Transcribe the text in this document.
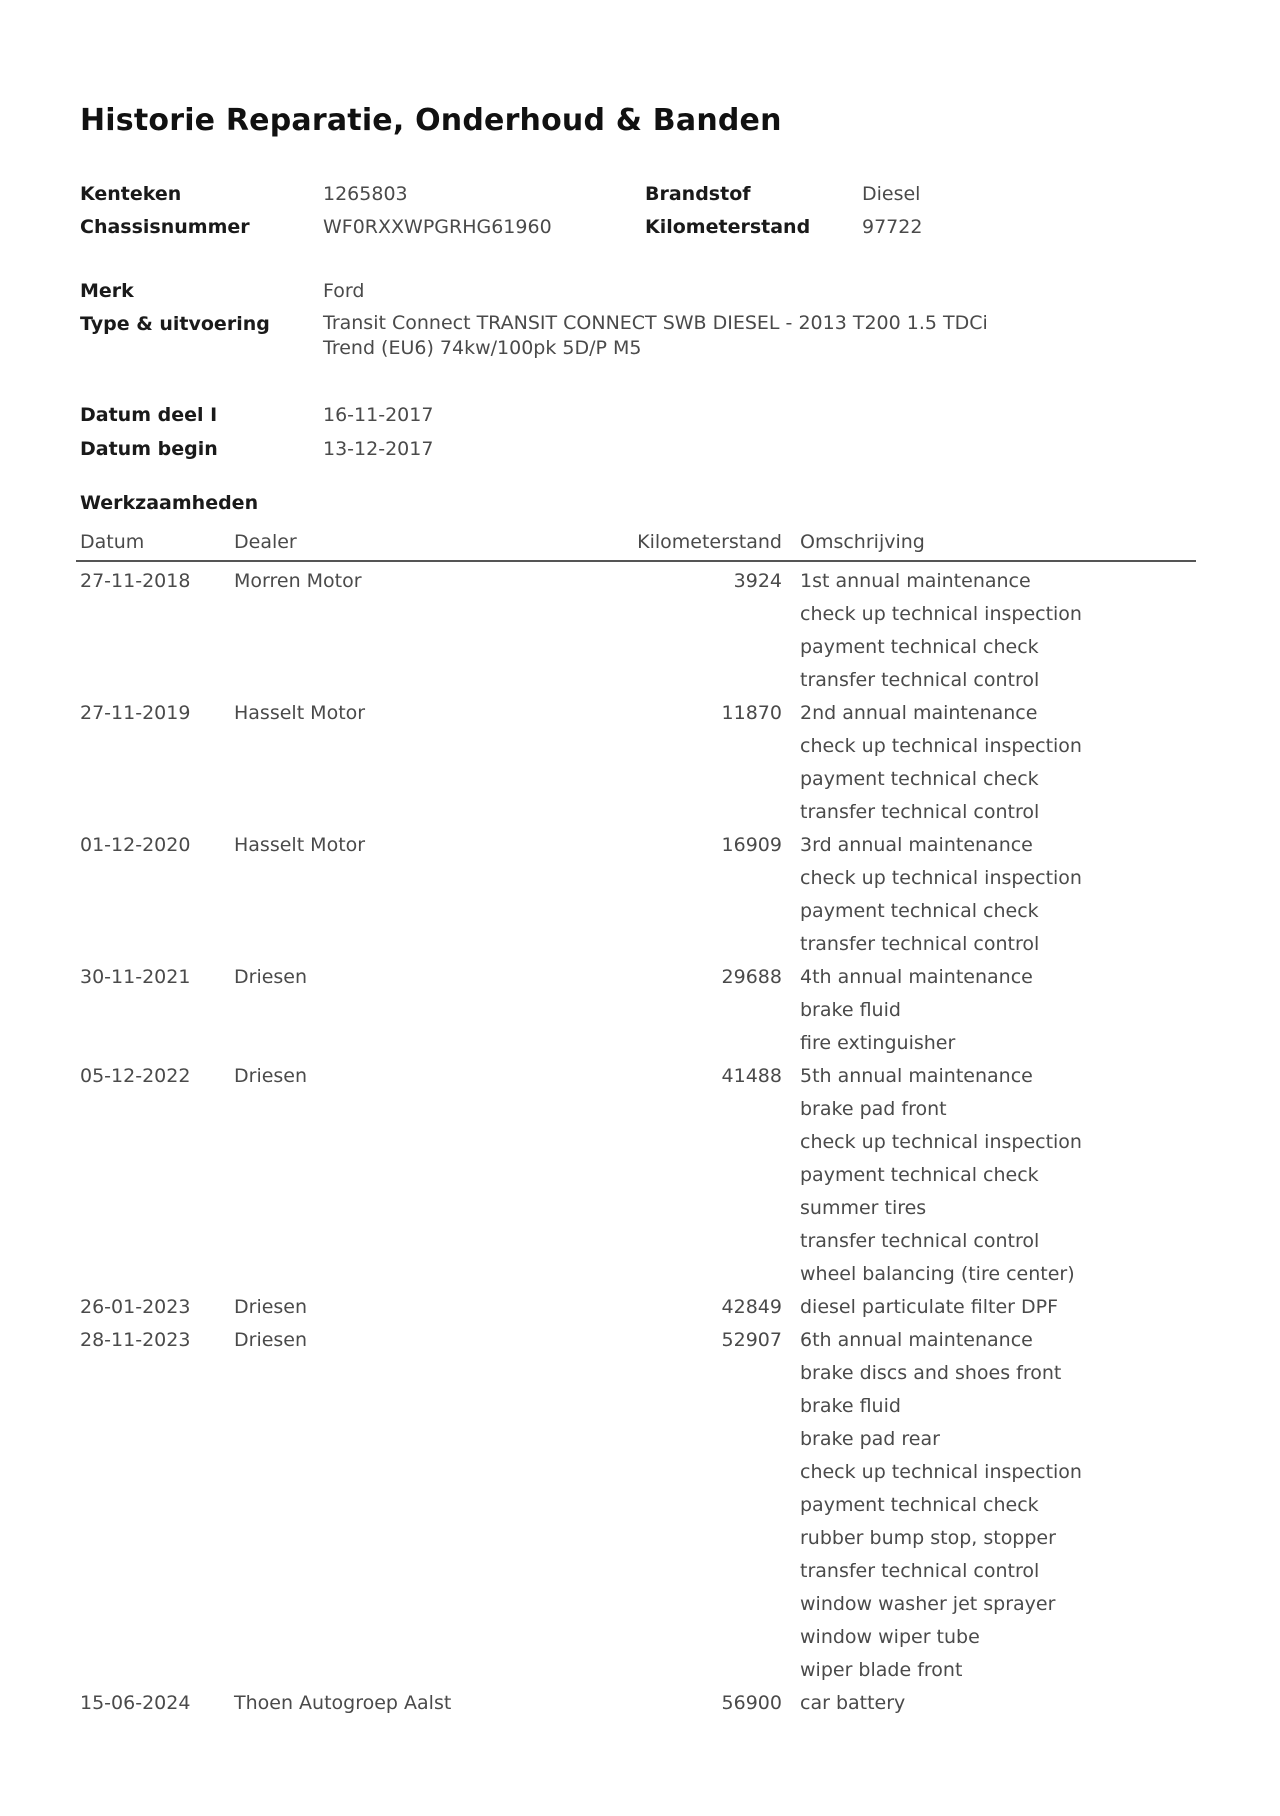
Historie Reparatie, Onderhoud & Banden
Kenteken	1265803	Brandstof	Diesel
Chassisnummer	WF0RXXWPGRHG61960	Kilometerstand	97722
Merk	Ford
Type & uitvoering	Transit Connect TRANSIT CONNECT SWB DIESEL - 2013 T200 1.5 TDCi Trend (EU6) 74kw/100pk 5D/P M5
Datum deel I	16-11-2017
Datum begin	13-12-2017
Werkzaamheden
Datum	Dealer	Kilometerstand Omschrijving
27-11-2018 Morren Motor	3924 1st annual maintenance
check up technical inspection
payment technical check
transfer technical control
27-11-2019 Hasselt Motor	11870 2nd annual maintenance
check up technical inspection
payment technical check
transfer technical control
01-12-2020 Hasselt Motor	16909 3rd annual maintenance
check up technical inspection
payment technical check
transfer technical control
30-11-2021 Driesen	29688 4th annual maintenance
brake fluid
fire extinguisher
05-12-2022 Driesen	41488 5th annual maintenance
brake pad front
check up technical inspection
payment technical check
summer tires
transfer technical control
wheel balancing (tire center)
26-01-2023 Driesen	42849 diesel particulate filter DPF
28-11-2023 Driesen	52907 6th annual maintenance
brake discs and shoes front
brake fluid
brake pad rear
check up technical inspection
payment technical check
rubber bump stop, stopper
transfer technical control
window washer jet sprayer
window wiper tube
wiper blade front
15-06-2024 Thoen Autogroep Aalst	56900 car battery
